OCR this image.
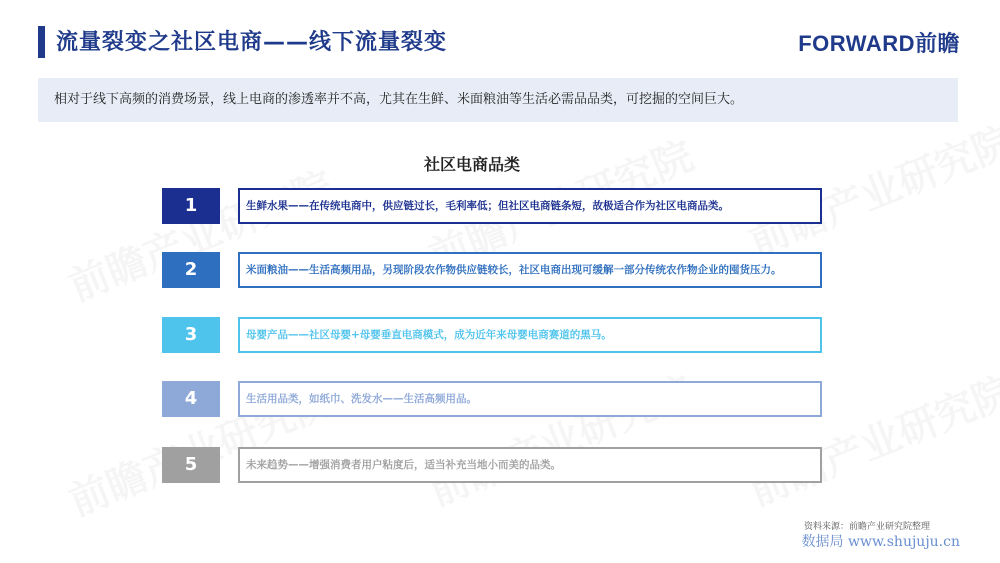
流量裂变之社区电商——线下流量裂变	FORWARD前瞻
相对于线下高频的消费场景，线上电商的渗透率并不高，尤其在生鲜、米面粮油等生活必需品品类，可挖掘的空间巨大。
社区电商品类
1	生鲜水果——在传统电商中，供应链过长，毛利率低；但社区电商链条短，故极适合作为社区电商品类。
2	米面粮油——生活高频用品，另现阶段农作物供应链较长，社区电商出现可缓解一部分传统农作物企业的囤货压力。
3	母婴产品——社区母婴+母婴垂直电商模式，成为近年来母婴电商赛道的黑马。
4	生活用品类，如纸巾、洗发水——生活高频用品。
5	未来趋势——增强消费者用户粘度后，适当补充当地小而美的品类。
资料来源：前瞻产业研究院整理
数据局 www.shujuju.cn
